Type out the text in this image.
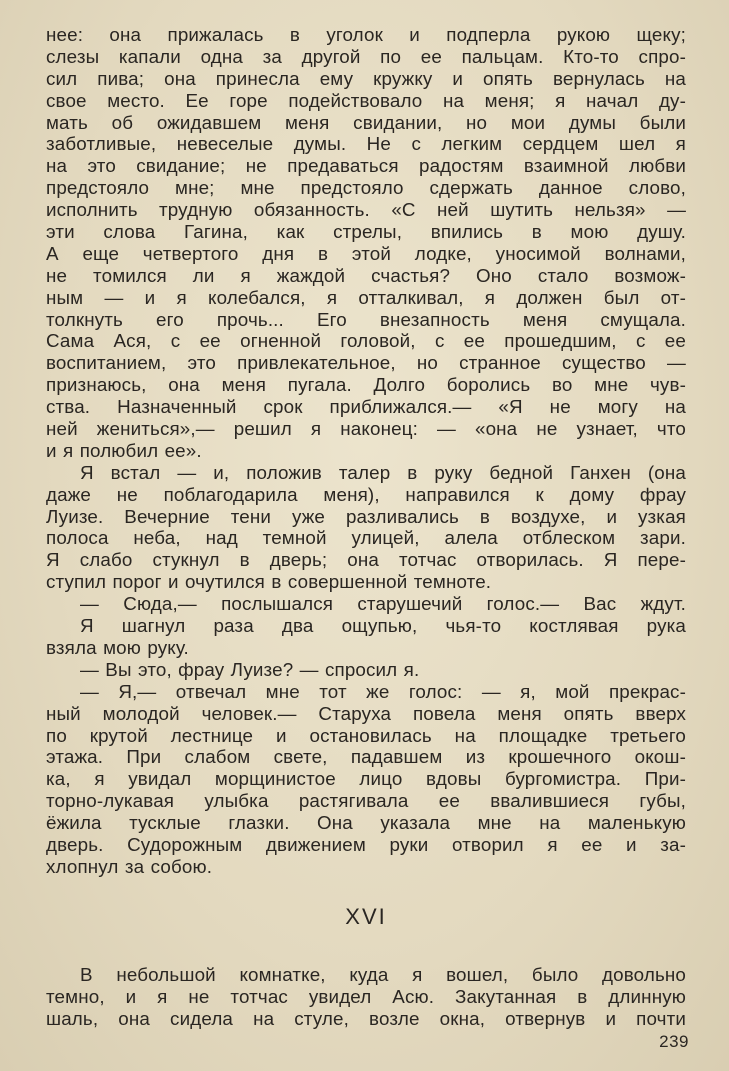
нее: она прижалась в уголок и подперла рукою щеку;
слезы капали одна за другой по ее пальцам. Кто-то спро-
сил пива; она принесла ему кружку и опять вернулась на
свое место. Ее горе подействовало на меня; я начал ду-
мать об ожидавшем меня свидании, но мои думы были
заботливые, невеселые думы. Не с легким сердцем шел я
на это свидание; не предаваться радостям взаимной любви
предстояло мне; мне предстояло сдержать данное слово,
исполнить трудную обязанность. «С ней шутить нельзя» —
эти слова Гагина, как стрелы, впились в мою душу.
А еще четвертого дня в этой лодке, уносимой волнами,
не томился ли я жаждой счастья? Оно стало возмож-
ным — и я колебался, я отталкивал, я должен был от-
толкнуть его прочь... Его внезапность меня смущала.
Сама Ася, с ее огненной головой, с ее прошедшим, с ее
воспитанием, это привлекательное, но странное существо —
признаюсь, она меня пугала. Долго боролись во мне чув-
ства. Назначенный срок приближался.— «Я не могу на
ней жениться»,— решил я наконец: — «она не узнает, что
и я полюбил ее».
Я встал — и, положив талер в руку бедной Ганхен (она
даже не поблагодарила меня), направился к дому фрау
Луизе. Вечерние тени уже разливались в воздухе, и узкая
полоса неба, над темной улицей, алела отблеском зари.
Я слабо стукнул в дверь; она тотчас отворилась. Я пере-
ступил порог и очутился в совершенной темноте.
— Сюда,— послышался старушечий голос.— Вас ждут.
Я шагнул раза два ощупью, чья-то костлявая рука
взяла мою руку.
— Вы это, фрау Луизе? — спросил я.
— Я,— отвечал мне тот же голос: — я, мой прекрас-
ный молодой человек.— Старуха повела меня опять вверх
по крутой лестнице и остановилась на площадке третьего
этажа. При слабом свете, падавшем из крошечного окош-
ка, я увидал морщинистое лицо вдовы бургомистра. При-
торно-лукавая улыбка растягивала ее ввалившиеся губы,
ёжила тусклые глазки. Она указала мне на маленькую
дверь. Судорожным движением руки отворил я ее и за-
хлопнул за собою.
XVI
В небольшой комнатке, куда я вошел, было довольно
темно, и я не тотчас увидел Асю. Закутанная в длинную
шаль, она сидела на стуле, возле окна, отвернув и почти
239
